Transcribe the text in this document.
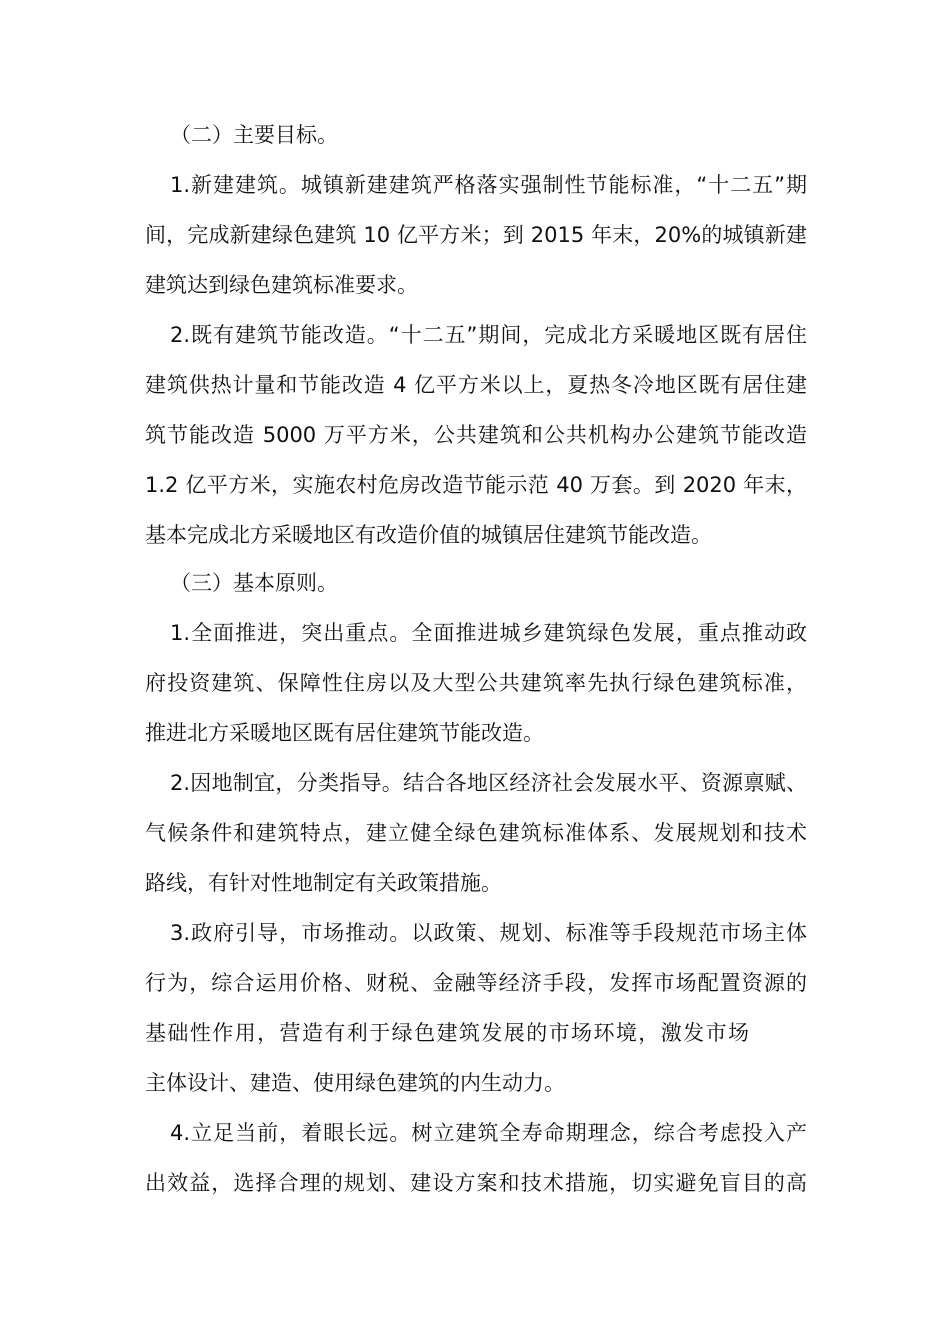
（二）主要目标。
1.新建建筑。城镇新建建筑严格落实强制性节能标准，“十二五”期
间，完成新建绿色建筑 10 亿平方米；到 2015 年末，20%的城镇新建
建筑达到绿色建筑标准要求。
2.既有建筑节能改造。“十二五”期间，完成北方采暖地区既有居住
建筑供热计量和节能改造 4 亿平方米以上，夏热冬冷地区既有居住建
筑节能改造 5000 万平方米，公共建筑和公共机构办公建筑节能改造
1.2 亿平方米，实施农村危房改造节能示范 40 万套。到 2020 年末，
基本完成北方采暖地区有改造价值的城镇居住建筑节能改造。
（三）基本原则。
1.全面推进，突出重点。全面推进城乡建筑绿色发展，重点推动政
府投资建筑、保障性住房以及大型公共建筑率先执行绿色建筑标准，
推进北方采暖地区既有居住建筑节能改造。
2.因地制宜，分类指导。结合各地区经济社会发展水平、资源禀赋、
气候条件和建筑特点，建立健全绿色建筑标准体系、发展规划和技术
路线，有针对性地制定有关政策措施。
3.政府引导，市场推动。以政策、规划、标准等手段规范市场主体
行为，综合运用价格、财税、金融等经济手段，发挥市场配置资源的
基础性作用，营造有利于绿色建筑发展的市场环境，激发市场
主体设计、建造、使用绿色建筑的内生动力。
4.立足当前，着眼长远。树立建筑全寿命期理念，综合考虑投入产
出效益，选择合理的规划、建设方案和技术措施，切实避免盲目的高
